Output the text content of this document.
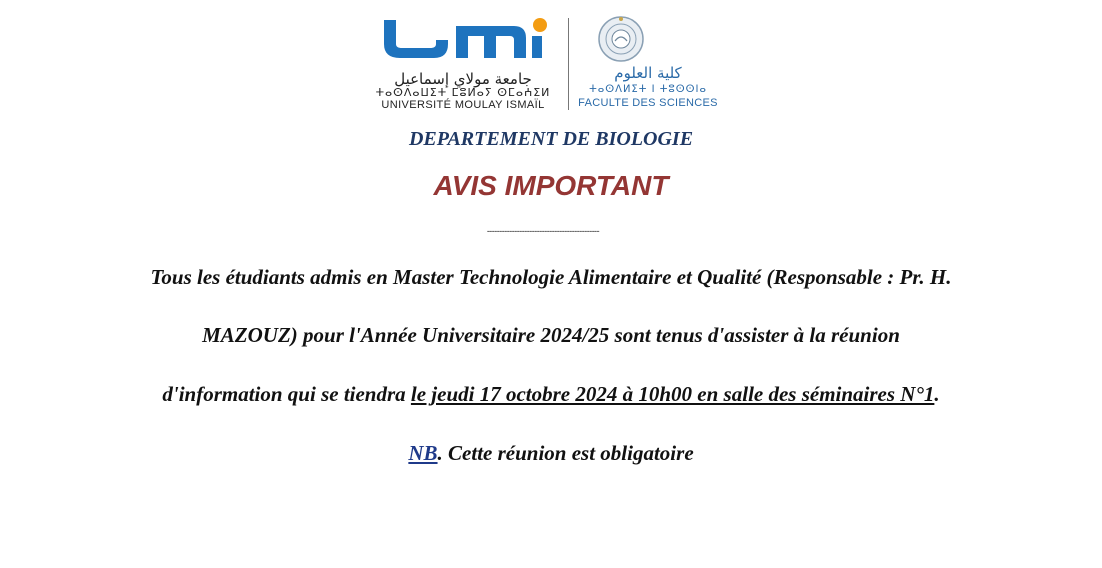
جامعة مولاي إسماعيل
ⵜⴰⵙⴷⴰⵡⵉⵜ ⵎⵓⵍⴰⵢ ⵙⵎⴰⵄⵉⵍ
UNIVERSITÉ MOULAY ISMAÏL
كلية العلوم
ⵜⴰⵙⴷⵍⵉⵜ ⵏ ⵜⵓⵙⵙⵏⴰ
FACULTE DES SCIENCES
DEPARTEMENT DE BIOLOGIE
AVIS IMPORTANT
---------------------------------------------
Tous les étudiants admis en Master Technologie Alimentaire et Qualité (Responsable : Pr. H.
MAZOUZ) pour l'Année Universitaire 2024/25 sont tenus d'assister à la réunion
d'information qui se tiendra le jeudi 17 octobre 2024 à 10h00 en salle des séminaires N°1.
NB. Cette réunion est obligatoire
